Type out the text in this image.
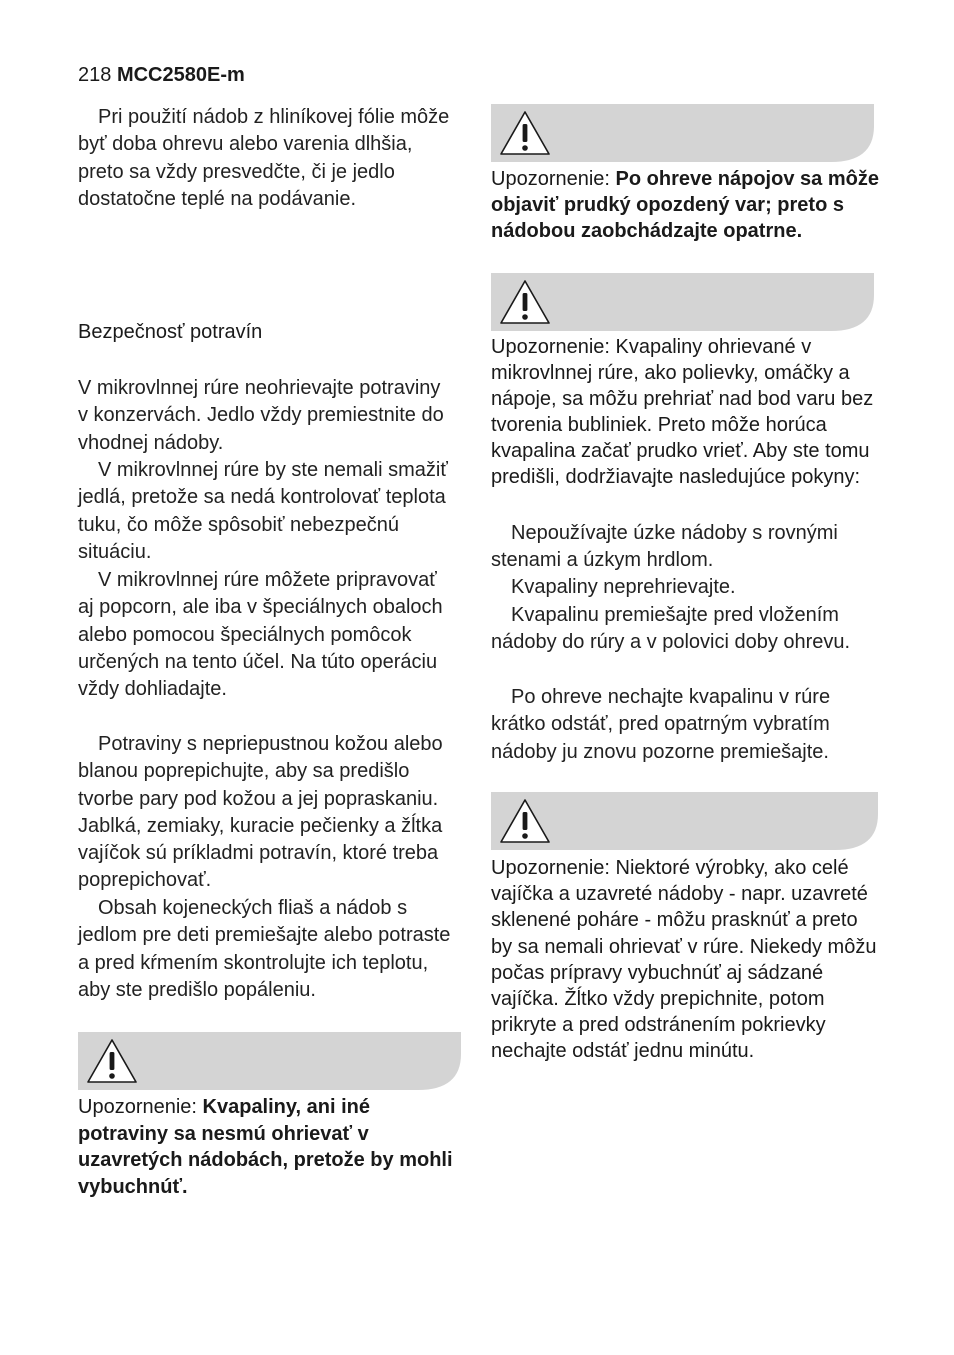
218 MCC2580E-m

Pri použití nádob z hliníkovej fólie môže byť doba ohrevu alebo varenia dlhšia, preto sa vždy presvedčte, či je jedlo dostatočne teplé na podávanie.

Bezpečnosť potravín

V mikrovlnnej rúre neohrievajte potraviny v konzervách. Jedlo vždy premiestnite do vhodnej nádoby.

V mikrovlnnej rúre by ste nemali smažiť jedlá, pretože sa nedá kontrolovať teplota tuku, čo môže spôsobiť nebezpečnú situáciu.

V mikrovlnnej rúre môžete pripravovať aj popcorn, ale iba v špeciálnych obaloch alebo pomocou špeciálnych pomôcok určených na tento účel. Na túto operáciu vždy dohliadajte.

Potraviny s nepriepustnou kožou alebo blanou poprepichujte, aby sa predišlo tvorbe pary pod kožou a jej popraskaniu. Jablká, zemiaky, kuracie pečienky a žĺtka vajíčok sú príkladmi potravín, ktoré treba poprepichovať.

Obsah kojeneckých fliaš a nádob s jedlom pre deti premiešajte alebo potraste a pred kŕmením skontrolujte ich teplotu, aby ste predišlo popáleniu.

Upozornenie: Kvapaliny, ani iné potraviny sa nesmú ohrievať v uzavretých nádobách, pretože by mohli vybuchnúť.

Upozornenie: Po ohreve nápojov sa môže objaviť prudký opozdený var; preto s nádobou zaobchádzajte opatrne.

Upozornenie: Kvapaliny ohrievané v mikrovlnnej rúre, ako polievky, omáčky a nápoje, sa môžu prehriať nad bod varu bez tvorenia bubliniek. Preto môže horúca kvapalina začať prudko vrieť. Aby ste tomu predišli, dodržiavajte nasledujúce pokyny:

Nepoužívajte úzke nádoby s rovnými stenami a úzkym hrdlom.

Kvapaliny neprehrievajte.

Kvapalinu premiešajte pred vložením nádoby do rúry a v polovici doby ohrevu.

Po ohreve nechajte kvapalinu v rúre krátko odstáť, pred opatrným vybratím nádoby ju znovu pozorne premiešajte.

Upozornenie: Niektoré výrobky, ako celé vajíčka a uzavreté nádoby - napr. uzavreté sklenené poháre - môžu prasknúť a preto by sa nemali ohrievať v rúre. Niekedy môžu počas prípravy vybuchnúť aj sádzané vajíčka. Žĺtko vždy prepichnite, potom prikryte a pred odstránením pokrievky nechajte odstáť jednu minútu.
